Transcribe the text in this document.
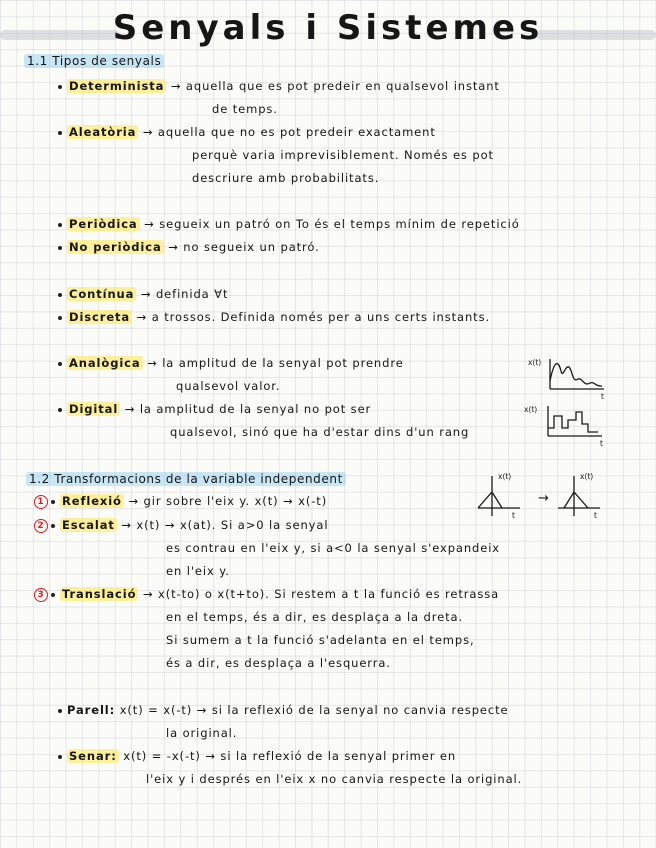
Senyals i Sistemes
1.1 Tipos de senyals
Determinista → aquella que es pot predeir en qualsevol instant
de temps.
Aleatòria → aquella que no es pot predeir exactament
perquè varia imprevisiblement. Només es pot
descriure amb probabilitats.
Periòdica → segueix un patró on To és el temps mínim de repetició
No periòdica → no segueix un patró.
Contínua → definida ∀t
Discreta → a trossos. Definida només per a uns certs instants.
Analògica → la amplitud de la senyal pot prendre
qualsevol valor.
x(t)
t
Digital → la amplitud de la senyal no pot ser
qualsevol, sinó que ha d'estar dins d'un rang
x(t)
t
1.2 Transformacions de la variable independent	x(t)
t
→
x(t)
t
1 Reflexió → gir sobre l'eix y. x(t) → x(-t)
2 Escalat → x(t) → x(at). Si a>0 la senyal
es contrau en l'eix y, si a<0 la senyal s'expandeix
en l'eix y.
3 Translació → x(t-to) o x(t+to). Si restem a t la funció es retrassa
en el temps, és a dir, es desplaça a la dreta.
Si sumem a t la funció s'adelanta en el temps,
és a dir, es desplaça a l'esquerra.
Parell: x(t) = x(-t) → si la reflexió de la senyal no canvia respecte
la original.
Senar: x(t) = -x(-t) → si la reflexió de la senyal primer en
l'eix y i després en l'eix x no canvia respecte la original.
